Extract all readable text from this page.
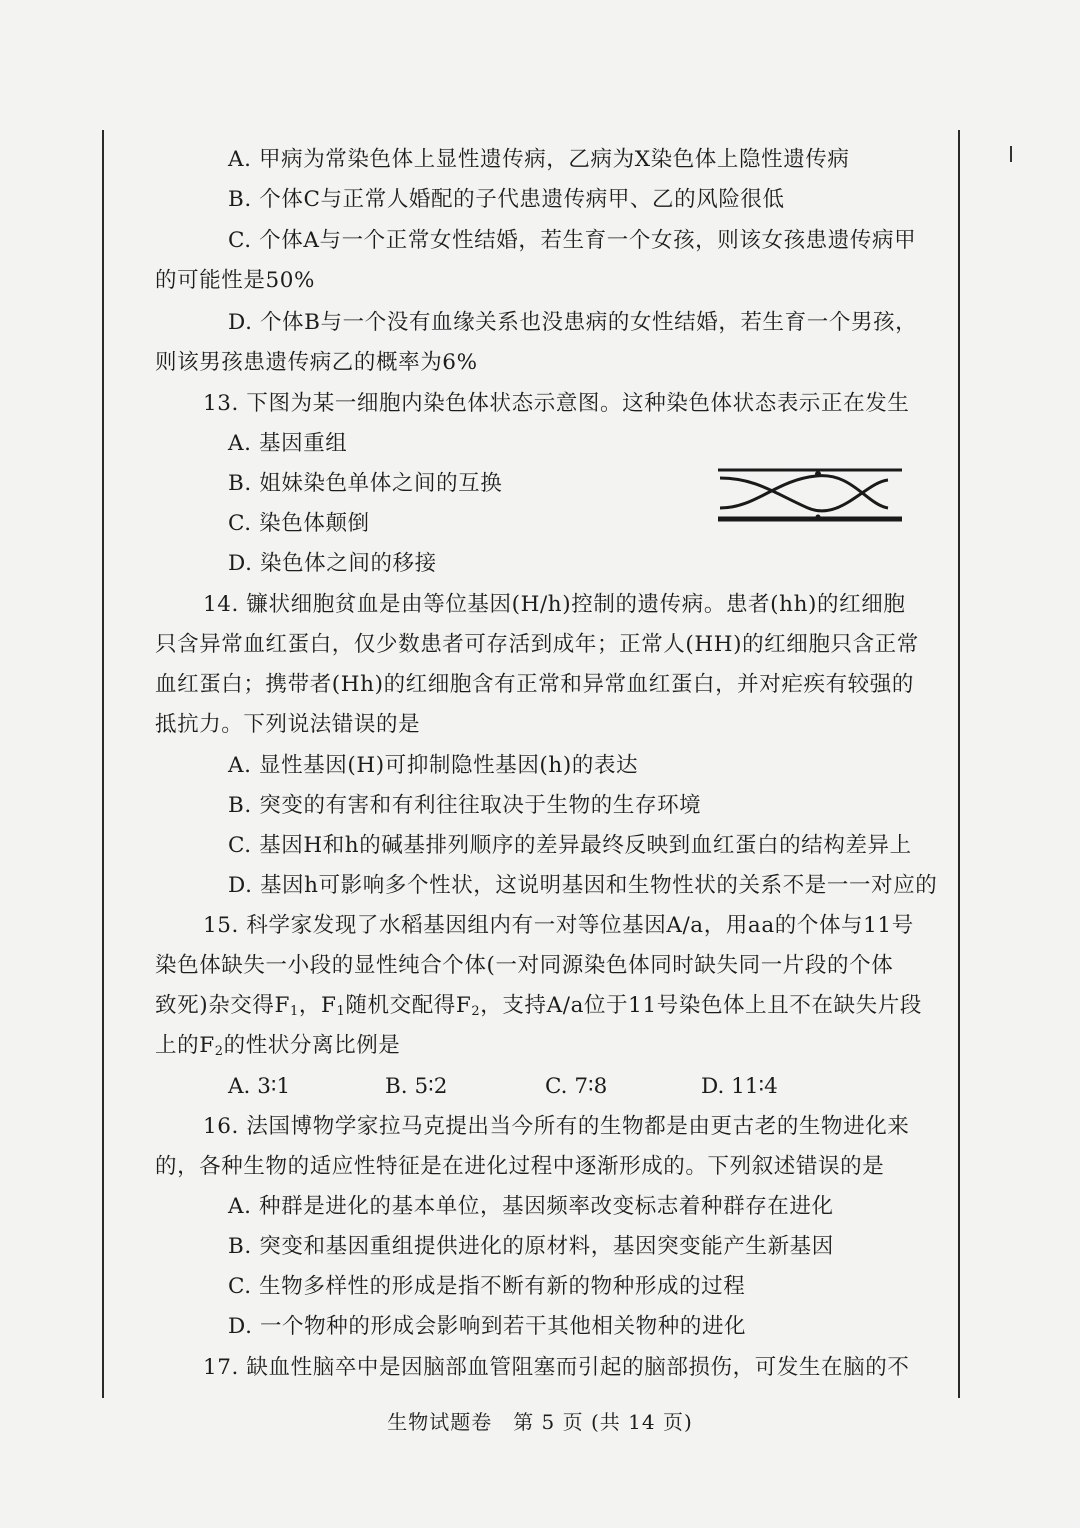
A. 甲病为常染色体上显性遗传病，乙病为X染色体上隐性遗传病
B. 个体C与正常人婚配的子代患遗传病甲、乙的风险很低
C. 个体A与一个正常女性结婚，若生育一个女孩，则该女孩患遗传病甲
的可能性是50%
D. 个体B与一个没有血缘关系也没患病的女性结婚，若生育一个男孩，
则该男孩患遗传病乙的概率为6%
13. 下图为某一细胞内染色体状态示意图。这种染色体状态表示正在发生
A. 基因重组
B. 姐妹染色单体之间的互换
C. 染色体颠倒
D. 染色体之间的移接
14. 镰状细胞贫血是由等位基因(H/h)控制的遗传病。患者(hh)的红细胞
只含异常血红蛋白，仅少数患者可存活到成年；正常人(HH)的红细胞只含正常
血红蛋白；携带者(Hh)的红细胞含有正常和异常血红蛋白，并对疟疾有较强的
抵抗力。下列说法错误的是
A. 显性基因(H)可抑制隐性基因(h)的表达
B. 突变的有害和有利往往取决于生物的生存环境
C. 基因H和h的碱基排列顺序的差异最终反映到血红蛋白的结构差异上
D. 基因h可影响多个性状，这说明基因和生物性状的关系不是一一对应的
15. 科学家发现了水稻基因组内有一对等位基因A/a，用aa的个体与11号
染色体缺失一小段的显性纯合个体(一对同源染色体同时缺失同一片段的个体
致死)杂交得$F_1$，$F_1$随机交配得$F_2$，支持A/a位于11号染色体上且不在缺失片段
上的$F_2$的性状分离比例是
A. 3∶1	B. 5∶2	C. 7∶8	D. 11∶4
16. 法国博物学家拉马克提出当今所有的生物都是由更古老的生物进化来
的，各种生物的适应性特征是在进化过程中逐渐形成的。下列叙述错误的是
A. 种群是进化的基本单位，基因频率改变标志着种群存在进化
B. 突变和基因重组提供进化的原材料，基因突变能产生新基因
C. 生物多样性的形成是指不断有新的物种形成的过程
D. 一个物种的形成会影响到若干其他相关物种的进化
17. 缺血性脑卒中是因脑部血管阻塞而引起的脑部损伤，可发生在脑的不
生物试题卷　第 5 页 (共 14 页)
